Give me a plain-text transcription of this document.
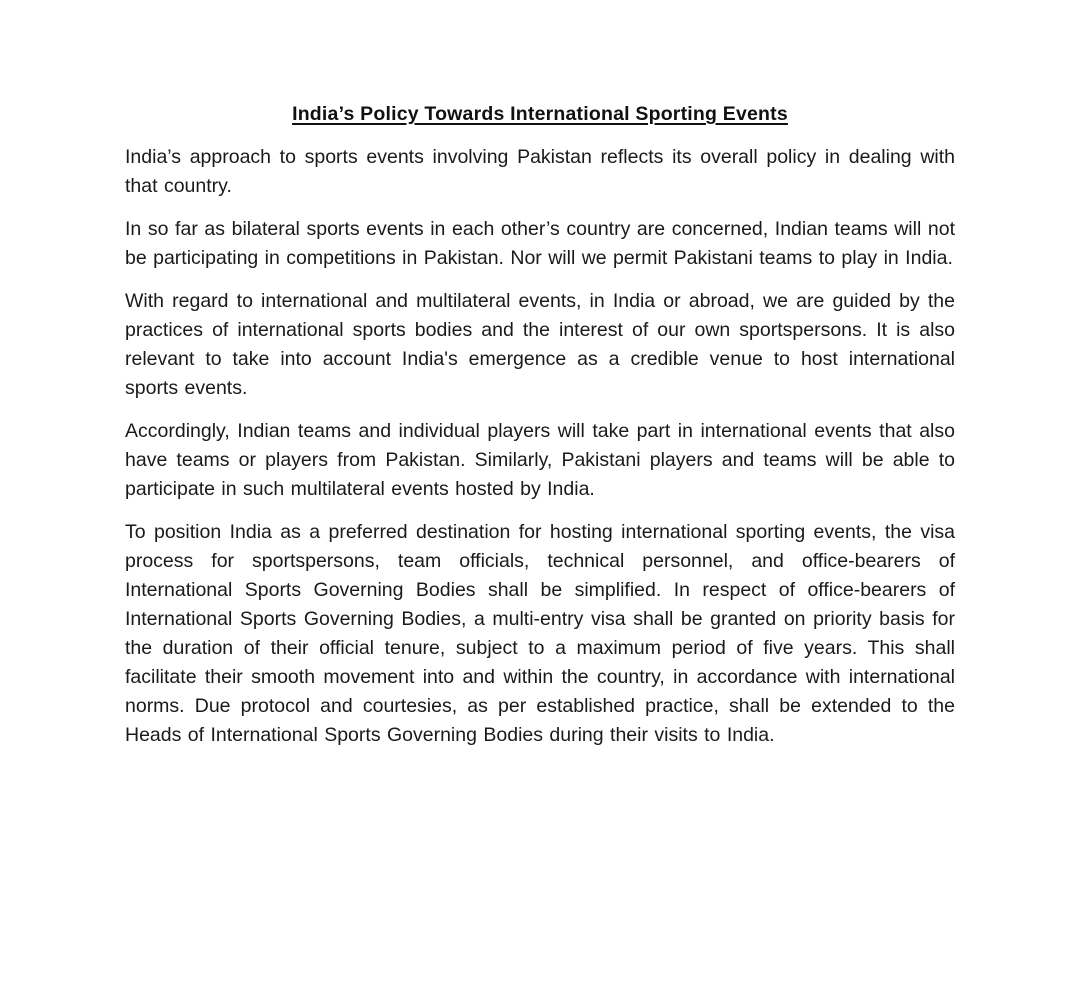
India’s Policy Towards International Sporting Events

India’s approach to sports events involving Pakistan reflects its overall policy in dealing with that country.

In so far as bilateral sports events in each other’s country are concerned, Indian teams will not be participating in competitions in Pakistan. Nor will we permit Pakistani teams to play in India.

With regard to international and multilateral events, in India or abroad, we are guided by the practices of international sports bodies and the interest of our own sportspersons. It is also relevant to take into account India's emergence as a credible venue to host international sports events.

Accordingly, Indian teams and individual players will take part in international events that also have teams or players from Pakistan. Similarly, Pakistani players and teams will be able to participate in such multilateral events hosted by India.

To position India as a preferred destination for hosting international sporting events, the visa process for sportspersons, team officials, technical personnel, and office-bearers of International Sports Governing Bodies shall be simplified. In respect of office-bearers of International Sports Governing Bodies, a multi-entry visa shall be granted on priority basis for the duration of their official tenure, subject to a maximum period of five years. This shall facilitate their smooth movement into and within the country, in accordance with international norms. Due protocol and courtesies, as per established practice, shall be extended to the Heads of International Sports Governing Bodies during their visits to India.
